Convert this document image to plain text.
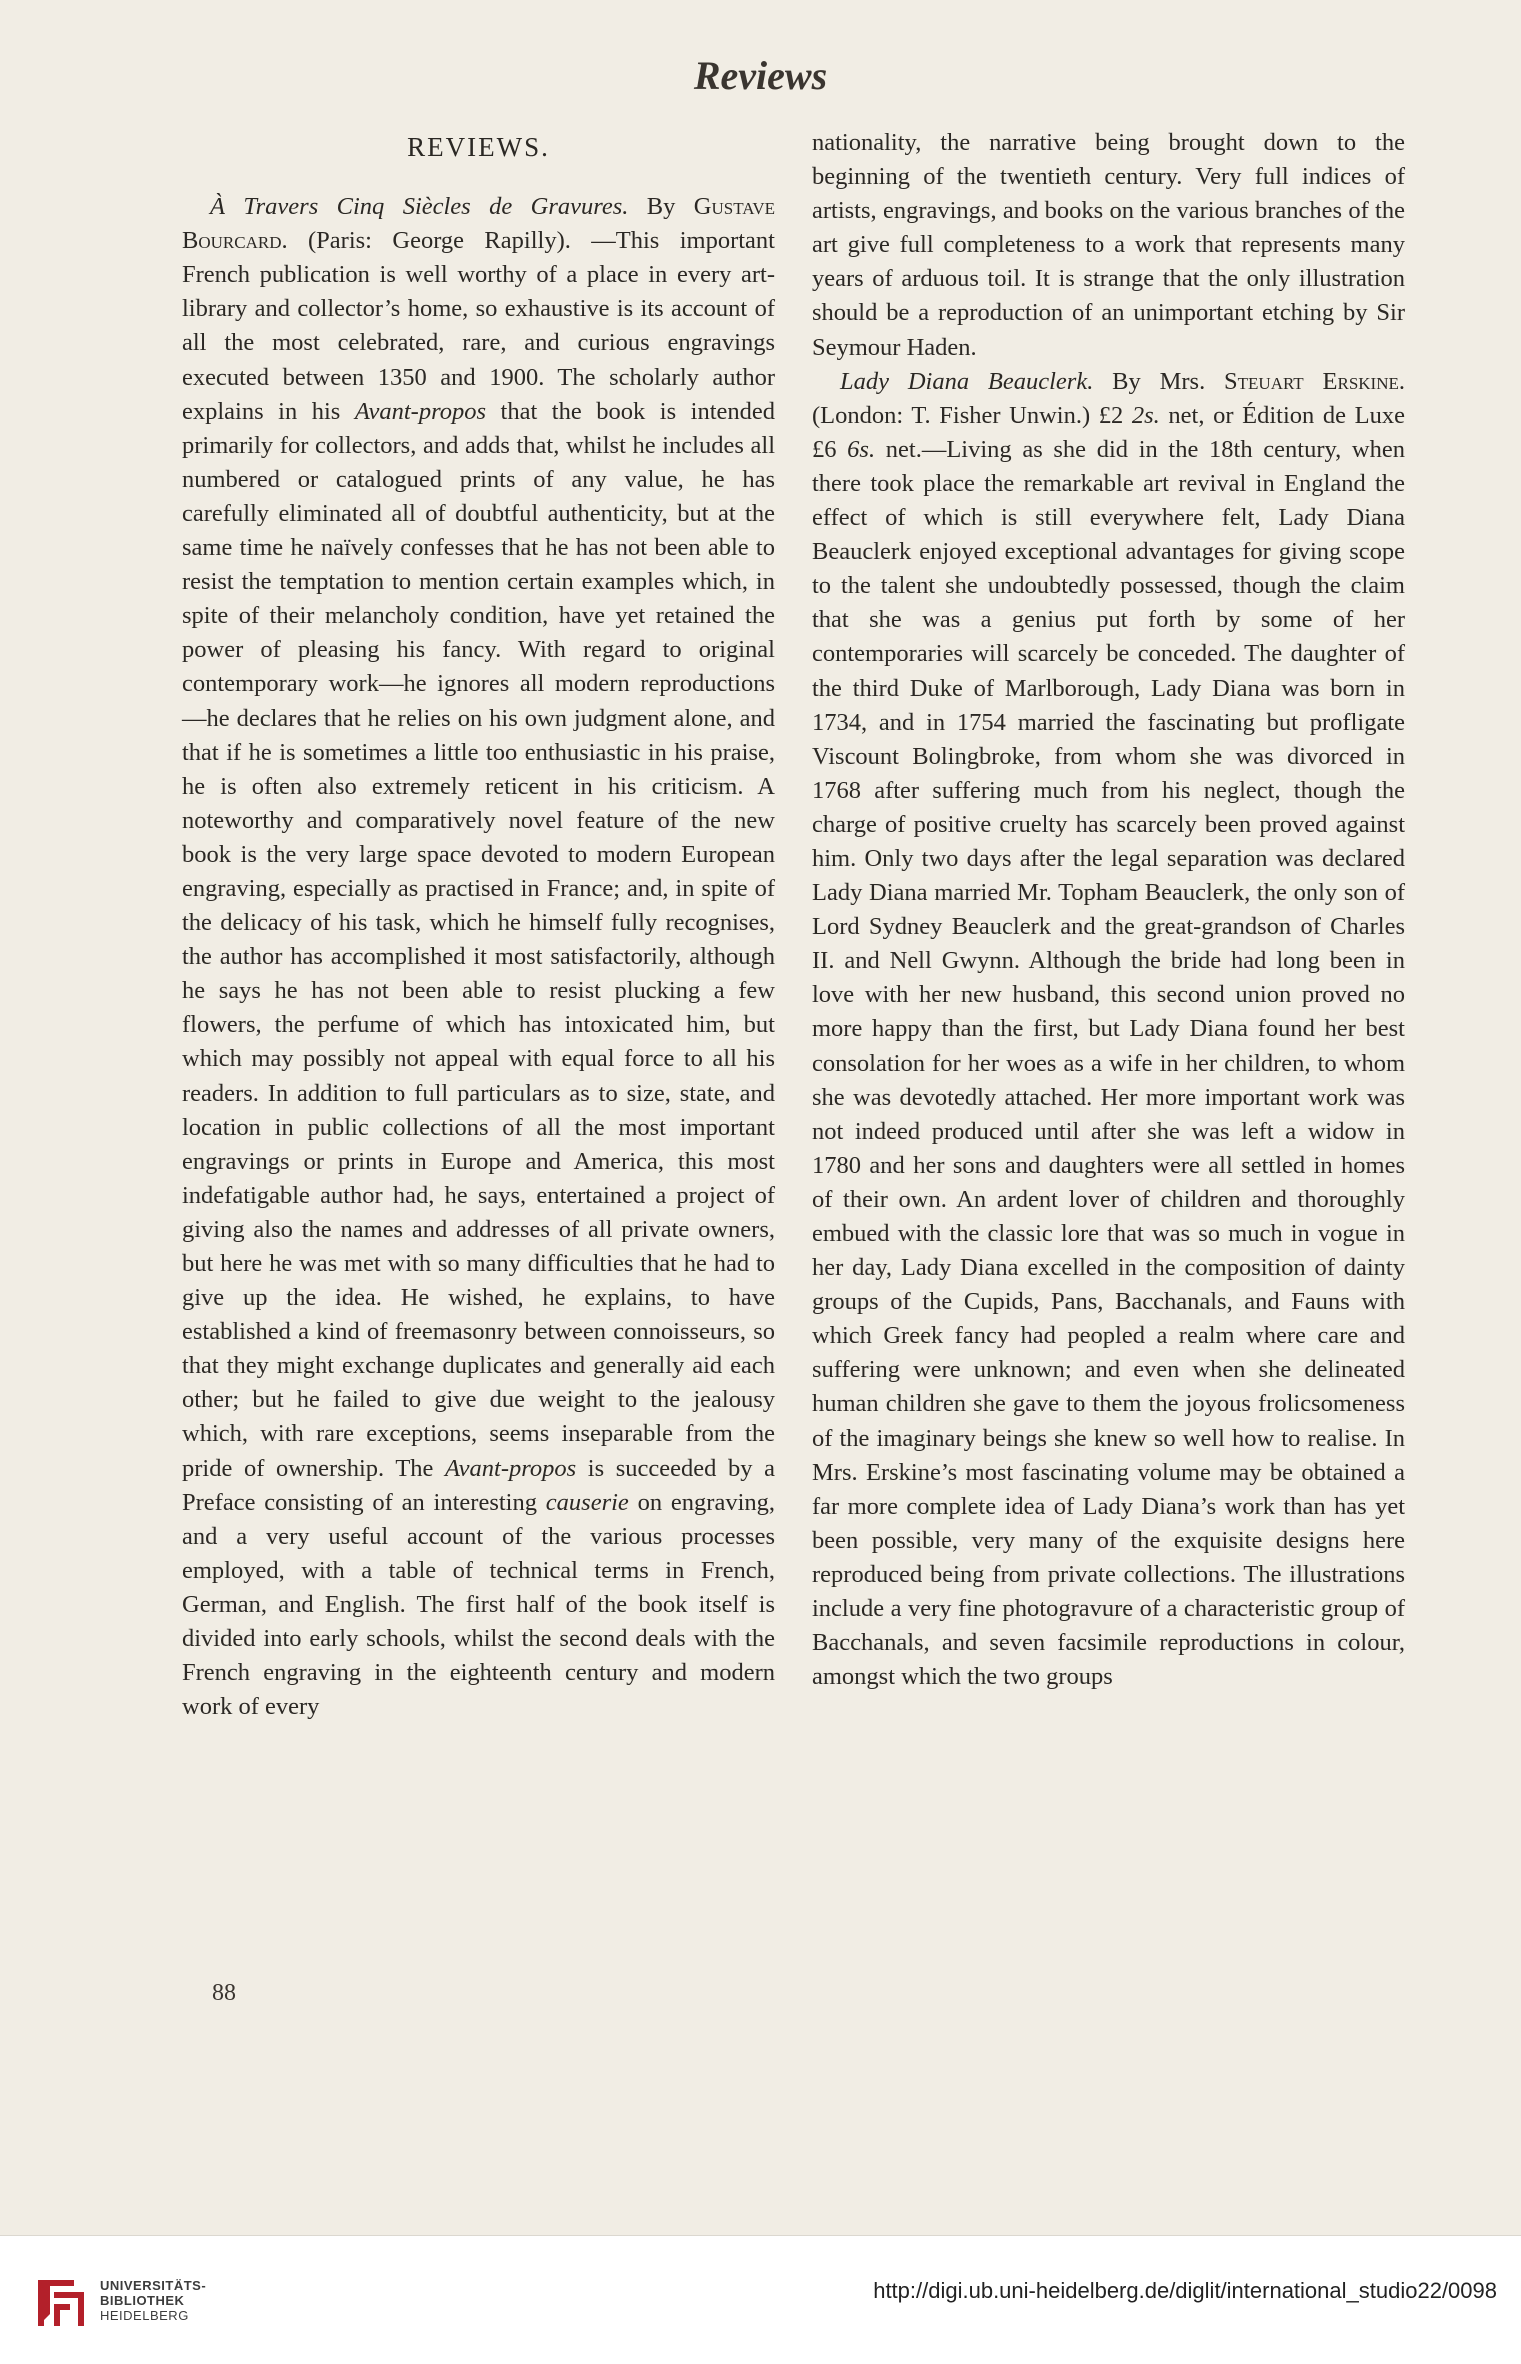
Reviews
REVIEWS.

À Travers Cinq Siècles de Gravures. By Gustave Bourcard. (Paris: George Rapilly). —This important French publication is well worthy of a place in every art-library and collector’s home, so exhaustive is its account of all the most celebrated, rare, and curious engravings executed between 1350 and 1900. The scholarly author explains in his Avant-propos that the book is intended primarily for collectors, and adds that, whilst he includes all numbered or catalogued prints of any value, he has carefully eliminated all of doubtful authenticity, but at the same time he naïvely confesses that he has not been able to resist the temptation to mention certain examples which, in spite of their melancholy condition, have yet retained the power of pleasing his fancy. With regard to original contemporary work—he ignores all modern reproductions—he declares that he relies on his own judgment alone, and that if he is sometimes a little too enthusiastic in his praise, he is often also extremely reticent in his criticism. A noteworthy and comparatively novel feature of the new book is the very large space devoted to modern European engraving, especially as practised in France; and, in spite of the delicacy of his task, which he himself fully recognises, the author has accomplished it most satisfactorily, although he says he has not been able to resist plucking a few flowers, the perfume of which has intoxicated him, but which may possibly not appeal with equal force to all his readers. In addition to full particulars as to size, state, and location in public collections of all the most important engravings or prints in Europe and America, this most indefatigable author had, he says, entertained a project of giving also the names and addresses of all private owners, but here he was met with so many difficulties that he had to give up the idea. He wished, he explains, to have established a kind of freemasonry between connoisseurs, so that they might exchange duplicates and generally aid each other; but he failed to give due weight to the jealousy which, with rare exceptions, seems inseparable from the pride of ownership. The Avant-propos is succeeded by a Preface consisting of an interesting causerie on engraving, and a very useful account of the various processes employed, with a table of technical terms in French, German, and English. The first half of the book itself is divided into early schools, whilst the second deals with the French engraving in the eighteenth century and modern work of every

nationality, the narrative being brought down to the beginning of the twentieth century. Very full indices of artists, engravings, and books on the various branches of the art give full completeness to a work that represents many years of arduous toil. It is strange that the only illustration should be a reproduction of an unimportant etching by Sir Seymour Haden.

Lady Diana Beauclerk. By Mrs. Steuart Erskine. (London: T. Fisher Unwin.) £2 2s. net, or Édition de Luxe £6 6s. net.—Living as she did in the 18th century, when there took place the remarkable art revival in England the effect of which is still everywhere felt, Lady Diana Beauclerk enjoyed exceptional advantages for giving scope to the talent she undoubtedly possessed, though the claim that she was a genius put forth by some of her contemporaries will scarcely be conceded. The daughter of the third Duke of Marlborough, Lady Diana was born in 1734, and in 1754 married the fascinating but profligate Viscount Bolingbroke, from whom she was divorced in 1768 after suffering much from his neglect, though the charge of positive cruelty has scarcely been proved against him. Only two days after the legal separation was declared Lady Diana married Mr. Topham Beauclerk, the only son of Lord Sydney Beauclerk and the great-grandson of Charles II. and Nell Gwynn. Although the bride had long been in love with her new husband, this second union proved no more happy than the first, but Lady Diana found her best consolation for her woes as a wife in her children, to whom she was devotedly attached. Her more important work was not indeed produced until after she was left a widow in 1780 and her sons and daughters were all settled in homes of their own. An ardent lover of children and thoroughly embued with the classic lore that was so much in vogue in her day, Lady Diana excelled in the composition of dainty groups of the Cupids, Pans, Bacchanals, and Fauns with which Greek fancy had peopled a realm where care and suffering were unknown; and even when she delineated human children she gave to them the joyous frolicsomeness of the imaginary beings she knew so well how to realise. In Mrs. Erskine’s most fascinating volume may be obtained a far more complete idea of Lady Diana’s work than has yet been possible, very many of the exquisite designs here reproduced being from private collections. The illustrations include a very fine photogravure of a characteristic group of Bacchanals, and seven facsimile reproductions in colour, amongst which the two groups

88
UNIVERSITÄTS-
BIBLIOTHEK
HEIDELBERG
http://digi.ub.uni-heidelberg.de/diglit/international_studio22/0098
